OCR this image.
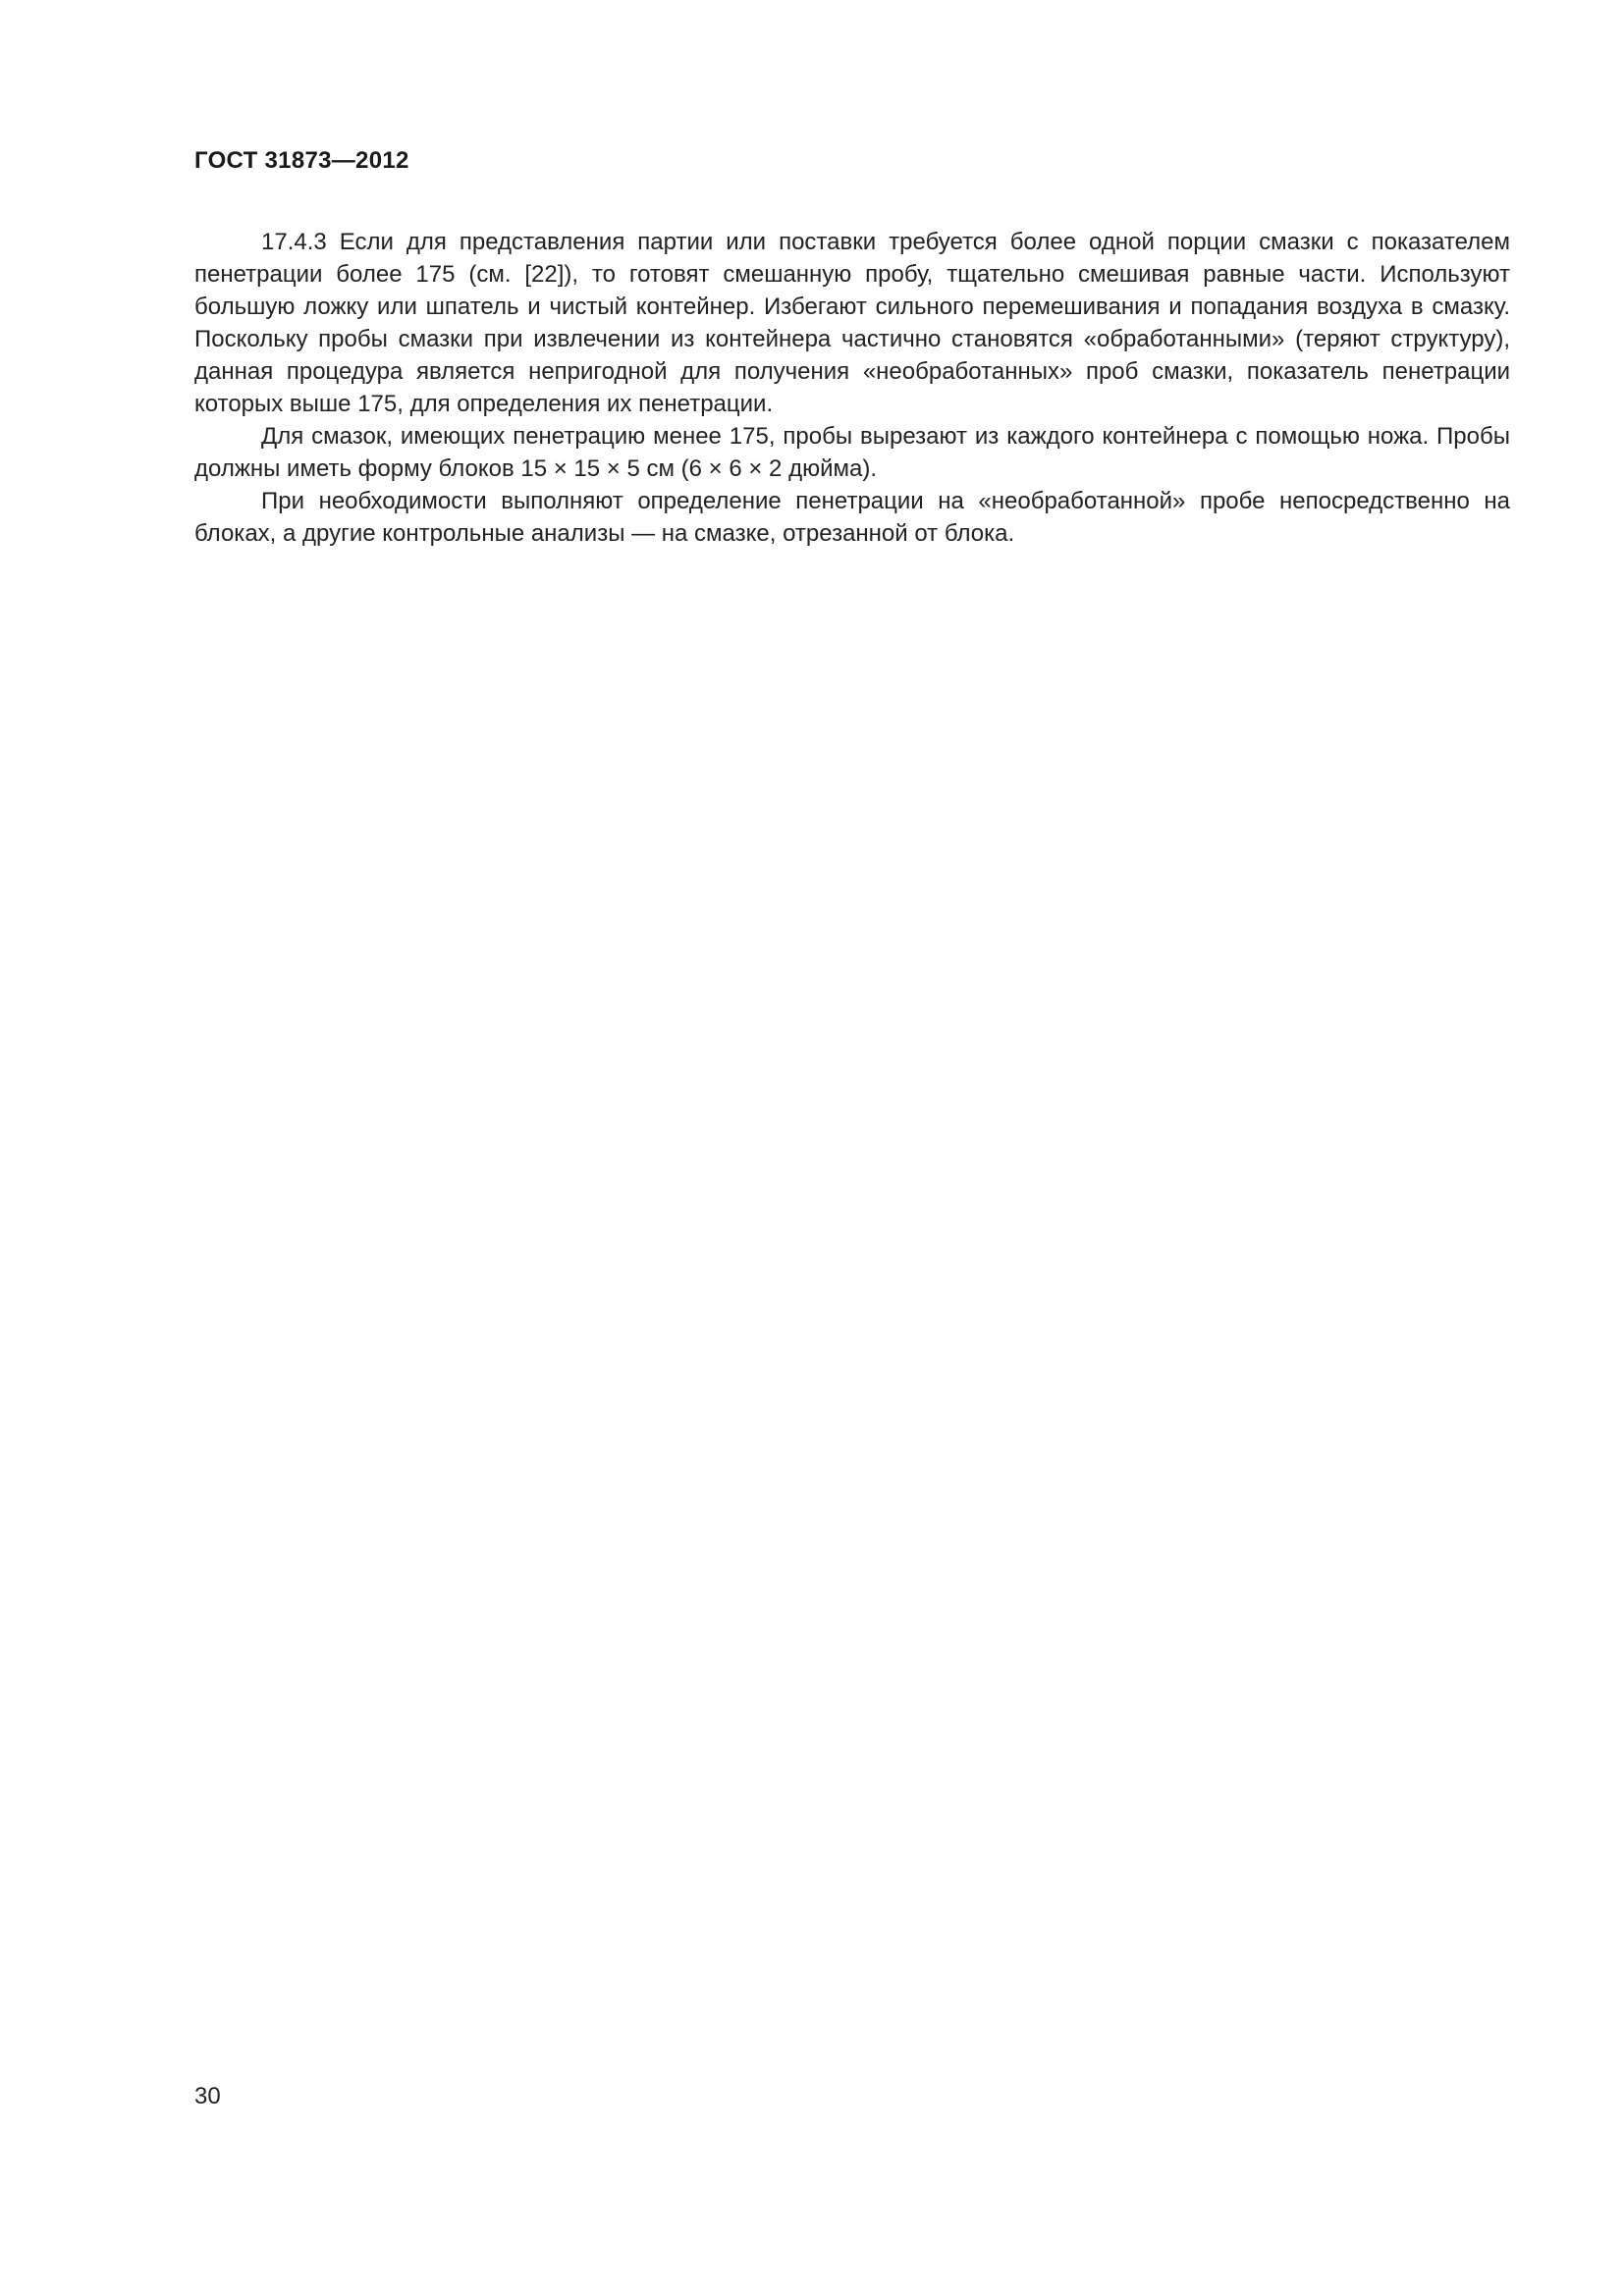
ГОСТ 31873—2012

17.4.3 Если для представления партии или поставки требуется более одной порции смазки с показателем пенетрации более 175 (см. [22]), то готовят смешанную пробу, тщательно смешивая равные части. Используют большую ложку или шпатель и чистый контейнер. Избегают сильного перемешивания и попадания воздуха в смазку. Поскольку пробы смазки при извлечении из контейнера частично становятся «обработанными» (теряют структуру), данная процедура является непригодной для получения «необработанных» проб смазки, показатель пенетрации которых выше 175, для определения их пенетрации.

Для смазок, имеющих пенетрацию менее 175, пробы вырезают из каждого контейнера с помощью ножа. Пробы должны иметь форму блоков 15 × 15 × 5 см (6 × 6 × 2 дюйма).

При необходимости выполняют определение пенетрации на «необработанной» пробе непосредственно на блоках, а другие контрольные анализы — на смазке, отрезанной от блока.

30
